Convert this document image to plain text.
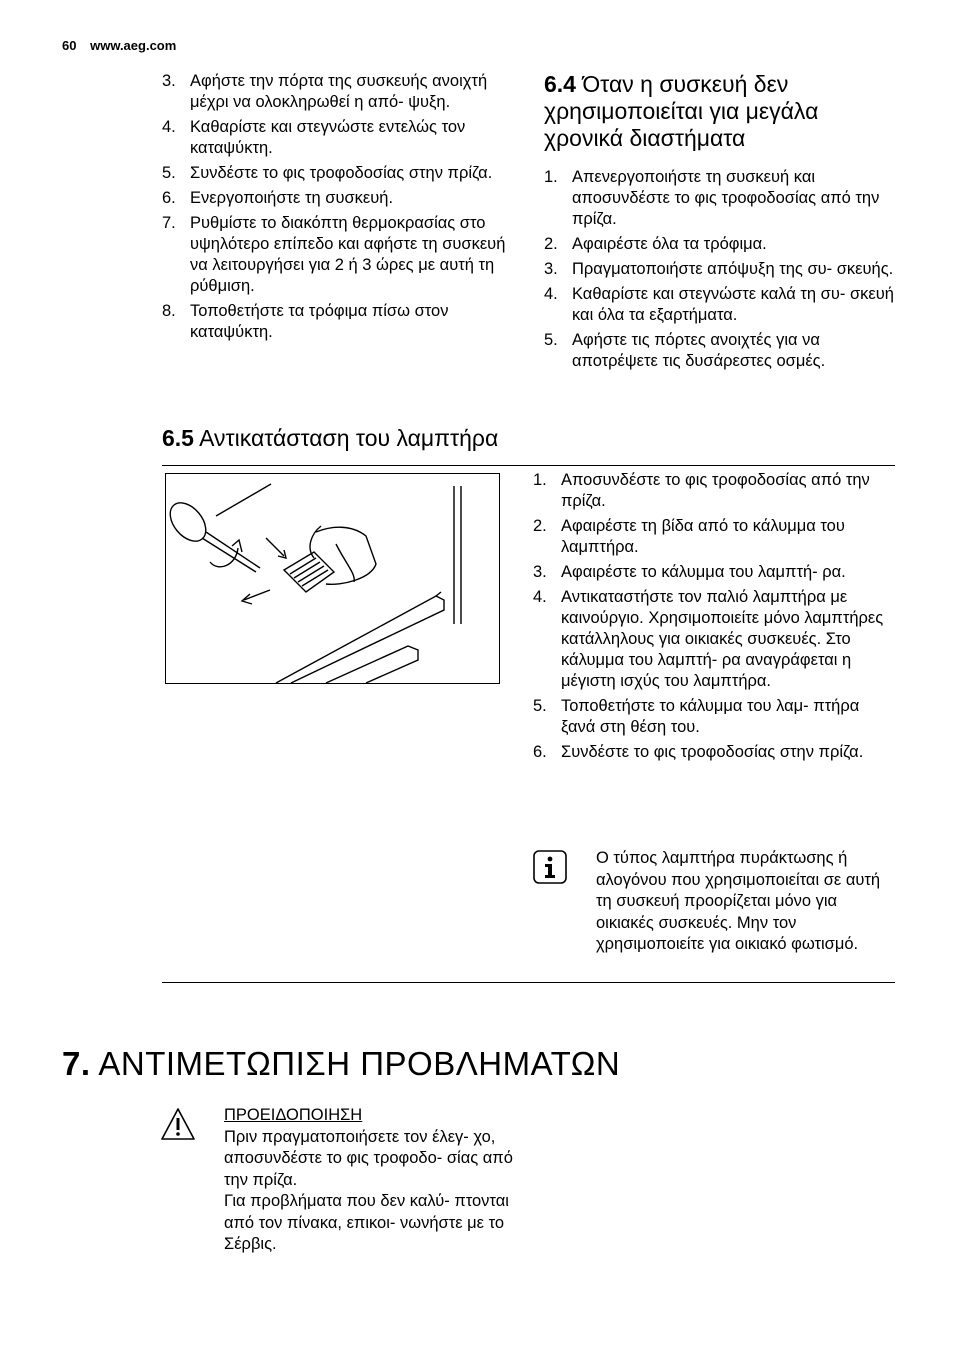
60 www.aeg.com
3. Αφήστε την πόρτα της συσκευής ανοιχτή μέχρι να ολοκληρωθεί η από- ψυξη.
4. Καθαρίστε και στεγνώστε εντελώς τον καταψύκτη.
5. Συνδέστε το φις τροφοδοσίας στην πρίζα.
6. Ενεργοποιήστε τη συσκευή.
7. Ρυθμίστε το διακόπτη θερμοκρασίας στο υψηλότερο επίπεδο και αφήστε τη συσκευή να λειτουργήσει για 2 ή 3 ώρες με αυτή τη ρύθμιση.
8. Τοποθετήστε τα τρόφιμα πίσω στον καταψύκτη.
6.4 Όταν η συσκευή δεν χρησιμοποιείται για μεγάλα χρονικά διαστήματα
1. Απενεργοποιήστε τη συσκευή και αποσυνδέστε το φις τροφοδοσίας από την πρίζα.
2. Αφαιρέστε όλα τα τρόφιμα.
3. Πραγματοποιήστε απόψυξη της συ- σκευής.
4. Καθαρίστε και στεγνώστε καλά τη συ- σκευή και όλα τα εξαρτήματα.
5. Αφήστε τις πόρτες ανοιχτές για να αποτρέψετε τις δυσάρεστες οσμές.
6.5 Αντικατάσταση του λαμπτήρα
1. Αποσυνδέστε το φις τροφοδοσίας από την πρίζα.
2. Αφαιρέστε τη βίδα από το κάλυμμα του λαμπτήρα.
3. Αφαιρέστε το κάλυμμα του λαμπτή- ρα.
4. Αντικαταστήστε τον παλιό λαμπτήρα με καινούργιο. Χρησιμοποιείτε μόνο λαμπτήρες κατάλληλους για οικιακές συσκευές. Στο κάλυμμα του λαμπτή- ρα αναγράφεται η μέγιστη ισχύς του λαμπτήρα.
5. Τοποθετήστε το κάλυμμα του λαμ- πτήρα ξανά στη θέση του.
6. Συνδέστε το φις τροφοδοσίας στην πρίζα.
Ο τύπος λαμπτήρα πυράκτωσης ή αλογόνου που χρησιμοποιείται σε αυτή τη συσκευή προορίζεται μόνο για οικιακές συσκευές. Μην τον χρησιμοποιείτε για οικιακό φωτισμό.
7. ΑΝΤΙΜΕΤΩΠΙΣΗ ΠΡΟΒΛΗΜΑΤΩΝ
ΠΡΟΕΙΔΟΠΟΙΗΣΗ
Πριν πραγματοποιήσετε τον έλεγ- χο, αποσυνδέστε το φις τροφοδο- σίας από την πρίζα.
Για προβλήματα που δεν καλύ- πτονται από τον πίνακα, επικοι- νωνήστε με το Σέρβις.
